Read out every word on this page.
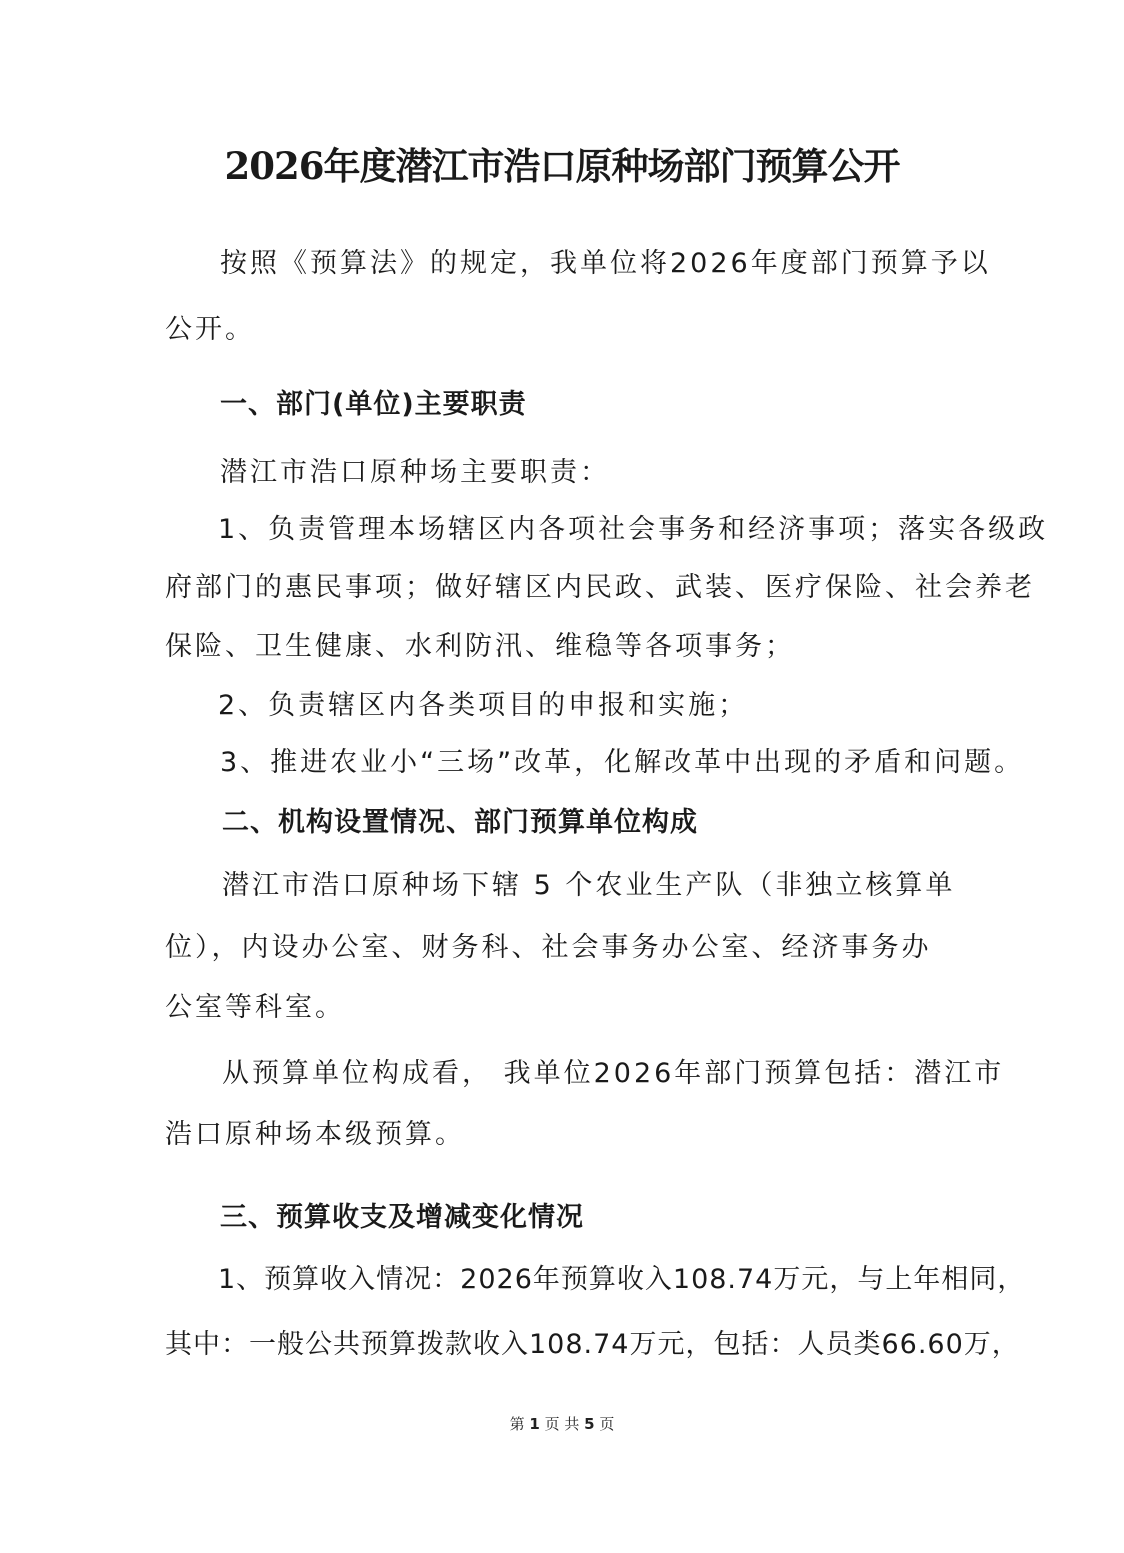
2026年度潜江市浩口原种场部门预算公开

按照《预算法》的规定，我单位将2026年度部门预算予以

公开。

一、部门(单位)主要职责

潜江市浩口原种场主要职责：

1、负责管理本场辖区内各项社会事务和经济事项；落实各级政

府部门的惠民事项；做好辖区内民政、武装、医疗保险、社会养老

保险、卫生健康、水利防汛、维稳等各项事务；

2、负责辖区内各类项目的申报和实施；

3、推进农业小“三场”改革，化解改革中出现的矛盾和问题。

二、机构设置情况、部门预算单位构成

潜江市浩口原种场下辖 5 个农业生产队（非独立核算单

位），内设办公室、财务科、社会事务办公室、经济事务办

公室等科室。

从预算单位构成看， 我单位2026年部门预算包括：潜江市

浩口原种场本级预算。

三、预算收支及增减变化情况

1、预算收入情况：2026年预算收入108.74万元，与上年相同，

其中：一般公共预算拨款收入108.74万元，包括：人员类66.60万，

第 1 页 共 5 页
